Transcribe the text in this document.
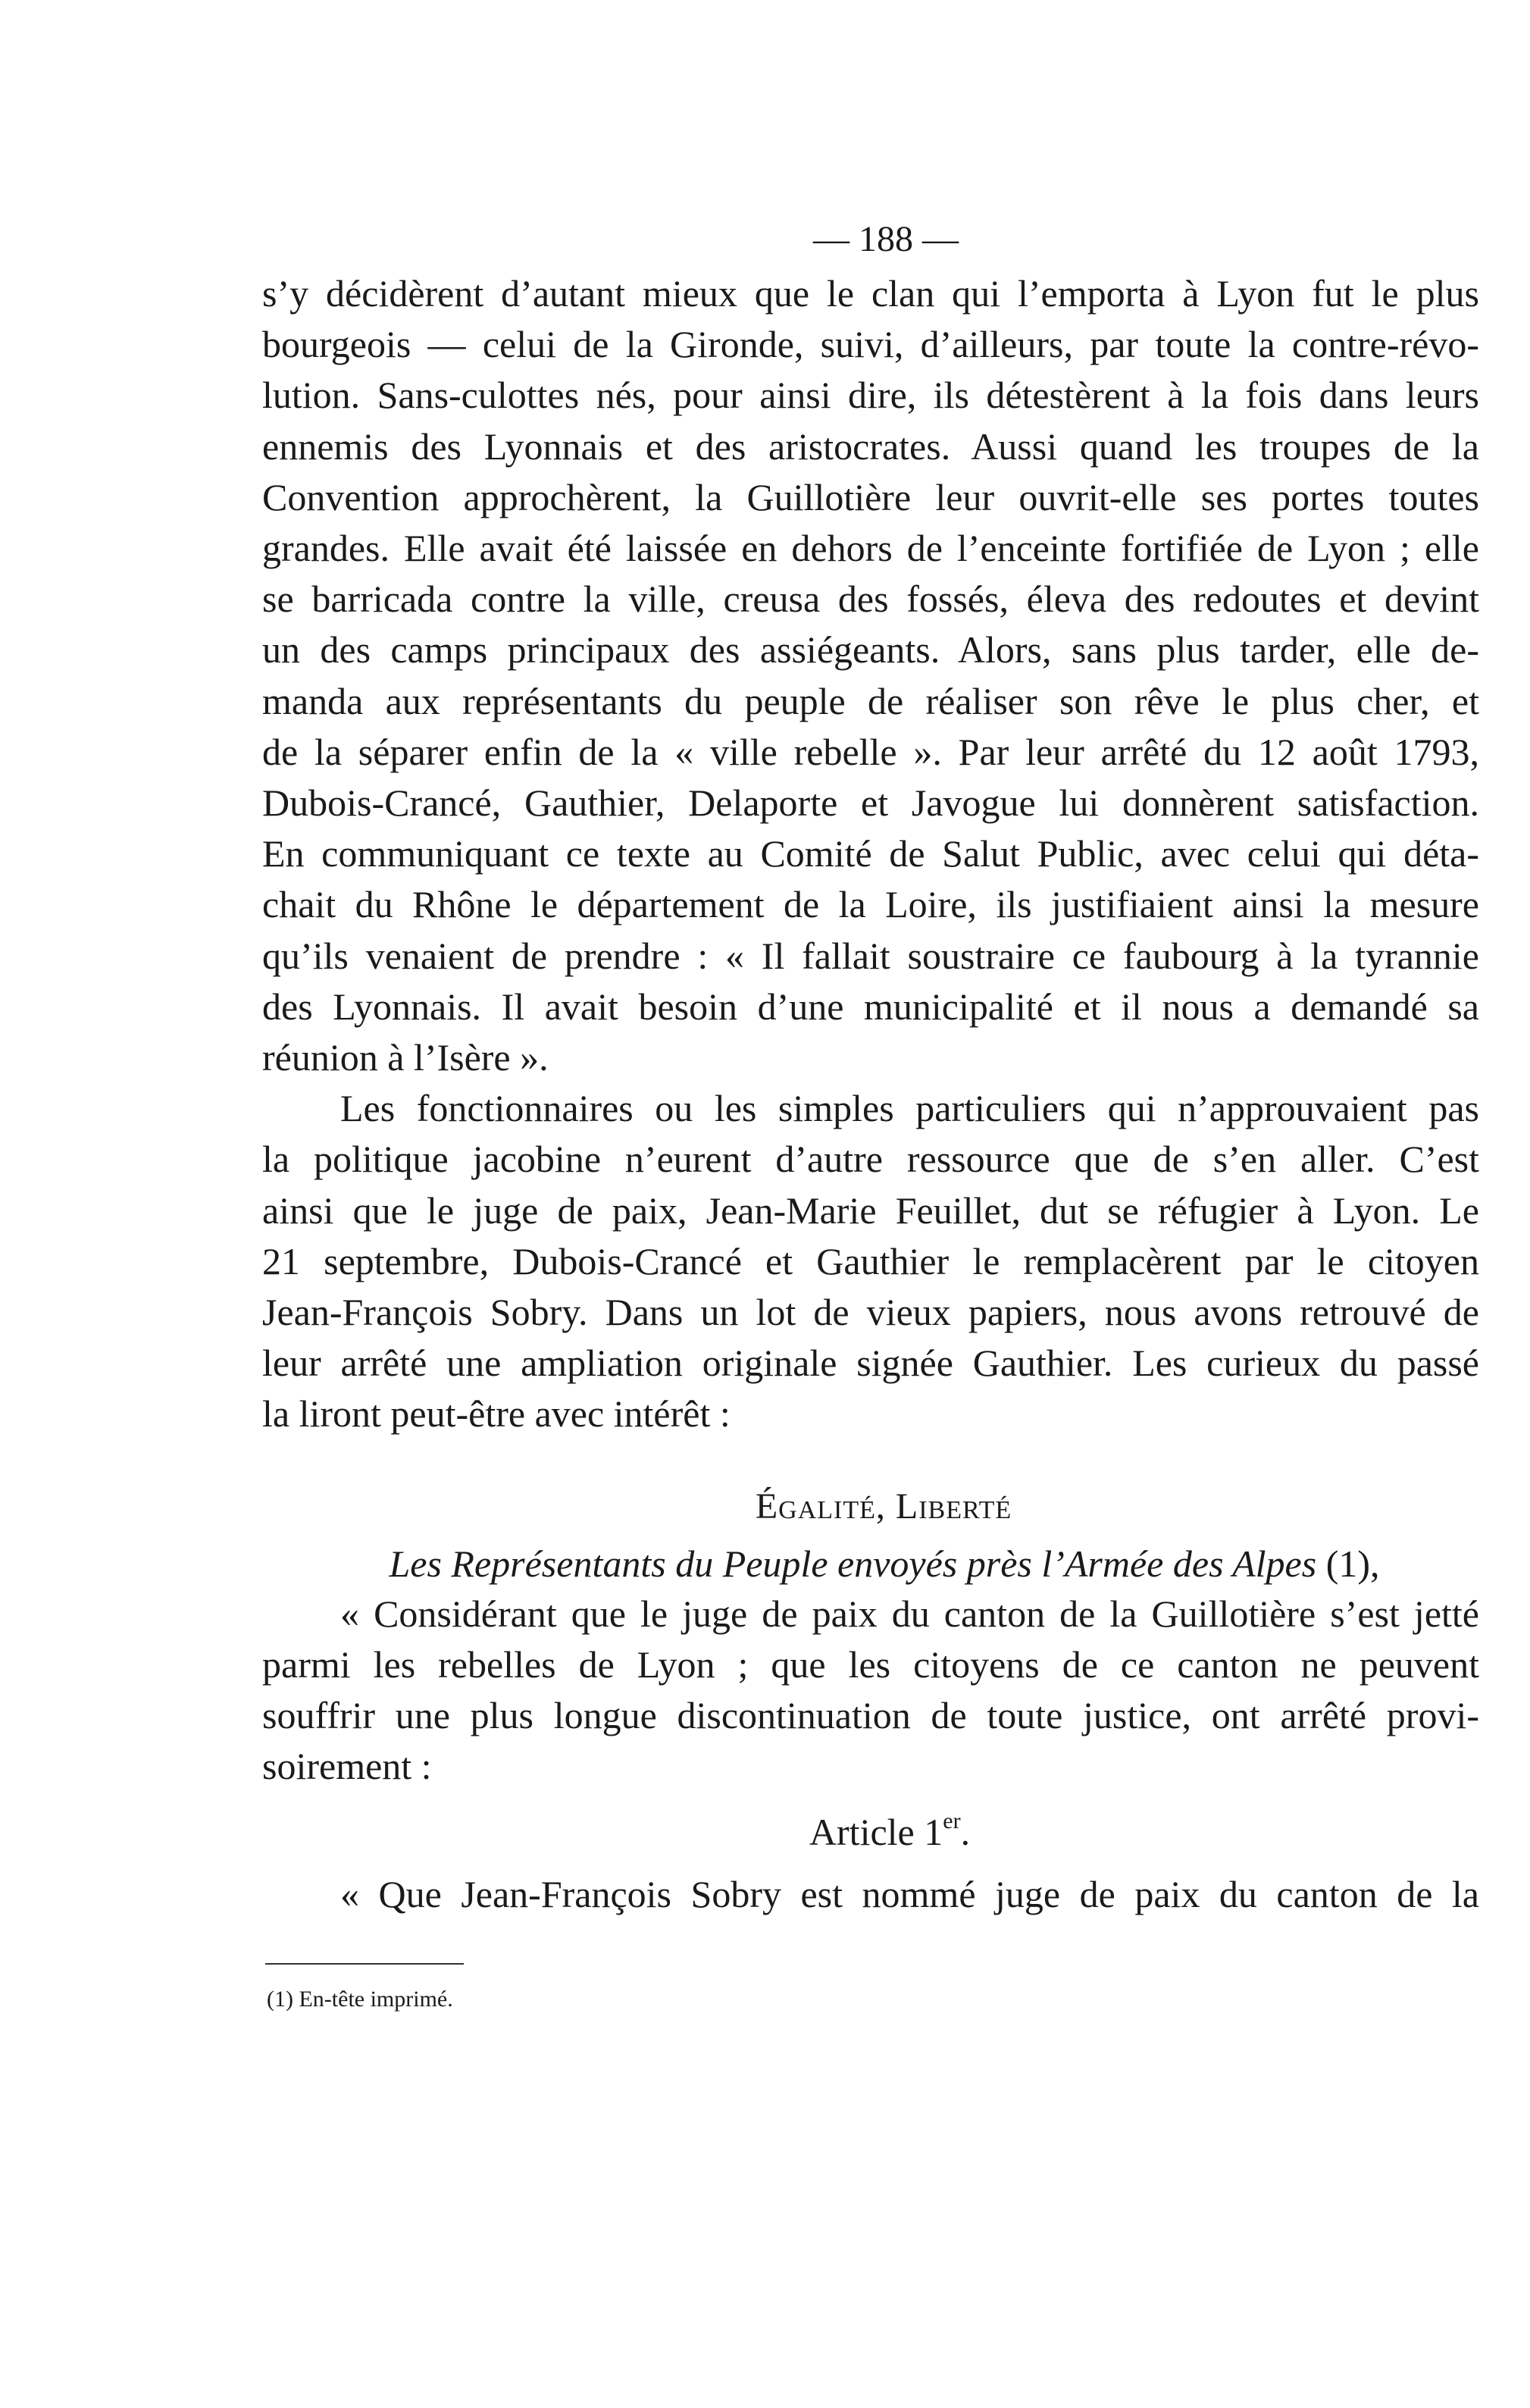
— 188 —
s’y décidèrent d’autant mieux que le clan qui l’emporta à Lyon fut le plus
bourgeois — celui de la Gironde, suivi, d’ailleurs, par toute la contre-révo-
lution. Sans-culottes nés, pour ainsi dire, ils détestèrent à la fois dans leurs
ennemis des Lyonnais et des aristocrates. Aussi quand les troupes de la
Convention approchèrent, la Guillotière leur ouvrit-elle ses portes toutes
grandes. Elle avait été laissée en dehors de l’enceinte fortifiée de Lyon ; elle
se barricada contre la ville, creusa des fossés, éleva des redoutes et devint
un des camps principaux des assiégeants. Alors, sans plus tarder, elle de-
manda aux représentants du peuple de réaliser son rêve le plus cher, et
de la séparer enfin de la « ville rebelle ». Par leur arrêté du 12 août 1793,
Dubois-Crancé, Gauthier, Delaporte et Javogue lui donnèrent satisfaction.
En communiquant ce texte au Comité de Salut Public, avec celui qui déta-
chait du Rhône le département de la Loire, ils justifiaient ainsi la mesure
qu’ils venaient de prendre : « Il fallait soustraire ce faubourg à la tyrannie
des Lyonnais. Il avait besoin d’une municipalité et il nous a demandé sa
réunion à l’Isère ».
Les fonctionnaires ou les simples particuliers qui n’approuvaient pas
la politique jacobine n’eurent d’autre ressource que de s’en aller. C’est
ainsi que le juge de paix, Jean-Marie Feuillet, dut se réfugier à Lyon. Le
21 septembre, Dubois-Crancé et Gauthier le remplacèrent par le citoyen
Jean-François Sobry. Dans un lot de vieux papiers, nous avons retrouvé de
leur arrêté une ampliation originale signée Gauthier. Les curieux du passé
la liront peut-être avec intérêt :
Égalité, Liberté
Les Représentants du Peuple envoyés près l’Armée des Alpes (1),
« Considérant que le juge de paix du canton de la Guillotière s’est jetté
parmi les rebelles de Lyon ; que les citoyens de ce canton ne peuvent
souffrir une plus longue discontinuation de toute justice, ont arrêté provi-
soirement :
Article 1er.
« Que Jean-François Sobry est nommé juge de paix du canton de la
(1) En-tête imprimé.
